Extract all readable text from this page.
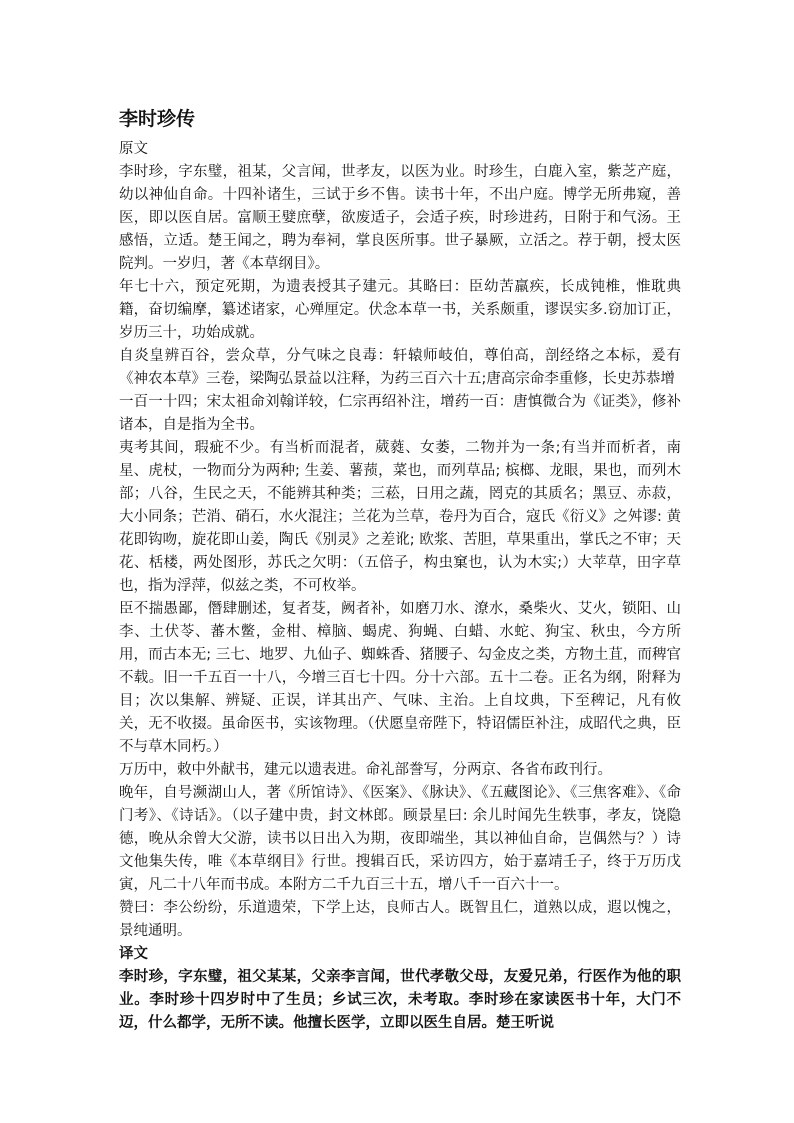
李时珍传
原文

李时珍，字东璧，祖某，父言闻，世孝友，以医为业。时珍生，白鹿入室，紫芝产庭，幼以神仙自命。十四补诸生，三试于乡不售。读书十年，不出户庭。博学无所弗窥，善医，即以医自居。富顺王嬖庶孽，欲废适子，会适子疾，时珍进药，日附于和气汤。王感悟，立适。楚王闻之，聘为奉祠，掌良医所事。世子暴厥，立活之。荐于朝，授太医院判。一岁归，著《本草纲目》。

年七十六，预定死期，为遗表授其子建元。其略曰：臣幼苦羸疾，长成钝椎，惟耽典籍，奋切编摩，纂述诸家，心殚厘定。伏念本草一书，关系颇重，谬误实多.窃加订正，岁历三十，功始成就。

自炎皇辨百谷，尝众草，分气味之良毒：轩辕师岐伯，尊伯高，剖经络之本标，爰有《神农本草》三卷，梁陶弘景益以注释，为药三百六十五;唐高宗命李重修，长史苏恭增

一百一十四；宋太祖命刘翰详较，仁宗再绍补注，增药一百：唐慎微合为《证类》，修补诸本，自是指为全书。

夷考其间，瑕疵不少。有当析而混者，葳蕤、女萎，二物并为一条;有当并而析者，南星、虎杖，一物而分为两种; 生姜、薯蓣，菜也，而列草品; 槟榔、龙眼，果也，而列木部；八谷，生民之天，不能辨其种类；三菘，日用之蔬，罔克的其质名；黑豆、赤菽，大小同条；芒消、硝石，水火混注；兰花为兰草，卷丹为百合，寇氏《衍义》之舛谬: 黄花即钩吻，旋花即山姜，陶氏《别灵》之差讹; 欧浆、苦胆，草果重出，掌氏之不审；天花、栝楼，两处图形，苏氏之欠明：（五倍子，构虫窠也，认为木实;）大苹草，田字草也，指为浮萍，似兹之类，不可枚举。

臣不揣愚鄙，僭肆删述，复者芟，阙者补，如磨刀水、潦水，桑柴火、艾火，锁阳、山李、土伏苓、蕃木鳖，金柑、樟脑、蝎虎、狗蝇、白蜡、水蛇、狗宝、秋虫，今方所用，而古本无; 三七、地罗、九仙子、蜘蛛香、猪腰子、勾金皮之类，方物土苴，而稗官不载。旧一千五百一十八，今增三百七十四。分十六部。五十二卷。正名为纲，附释为目；次以集解、辨疑、正误，详其出产、气味、主治。上自坟典，下至稗记，凡有攸关，无不收掇。虽命医书，实该物理。（伏愿皇帝陛下，特诏儒臣补注，成昭代之典，臣不与草木同朽。）

万历中，敕中外献书，建元以遗表进。命礼部誊写，分两京、各省布政刊行。

晚年，自号濒湖山人，著《所馆诗》、《医案》、《脉诀》、《五藏图论》、《三焦客难》、《命门考》、《诗话》。（以子建中贵，封文林郎。顾景星曰: 余儿时闻先生轶事，孝友，饶隐德，晚从余曾大父游，读书以日出入为期，夜即端坐，其以神仙自命，岂偶然与？）诗文他集失传，唯《本草纲目》行世。搜辑百氏，采访四方，始于嘉靖壬子，终于万历戊寅，凡二十八年而书成。本附方二千九百三十五，增八千一百六十一。

赞曰：李公纷纷，乐道遗荣，下学上达，良师古人。既智且仁，道熟以成，遐以愧之，景纯通明。

译文

李时珍，字东璧，祖父某某，父亲李言闻，世代孝敬父母，友爱兄弟，行医作为他的职业。李时珍十四岁时中了生员；乡试三次，未考取。李时珍在家读医书十年，大门不迈，什么都学，无所不读。他擅长医学，立即以医生自居。楚王听说
